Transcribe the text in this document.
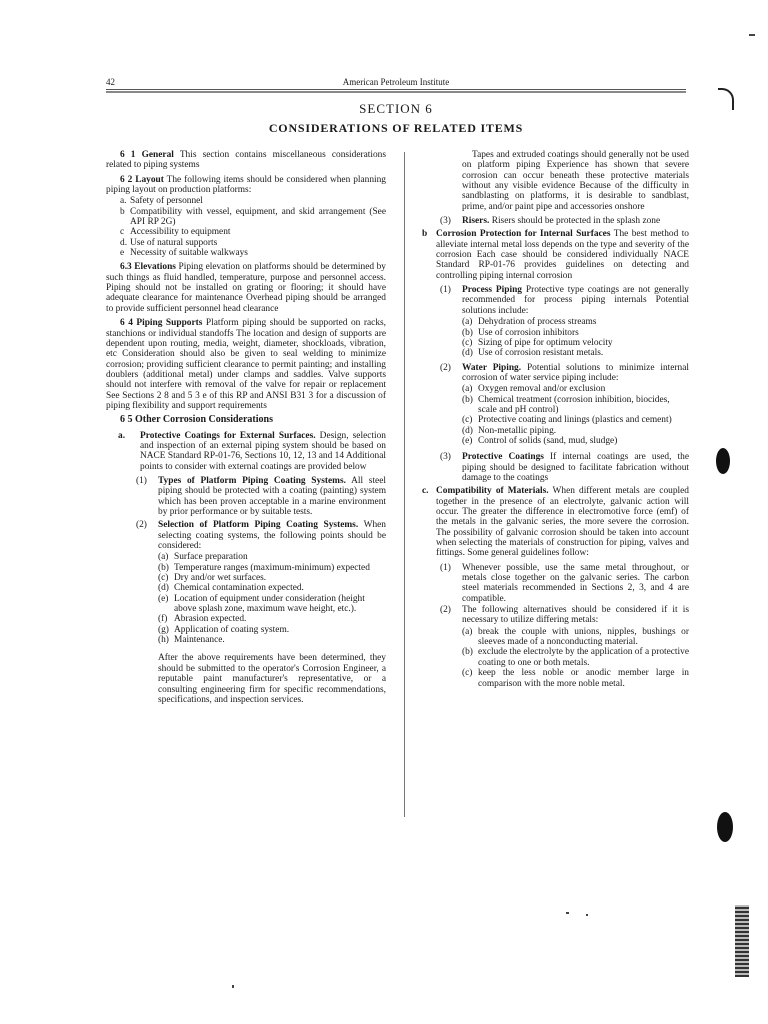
42	American Petroleum Institute
SECTION 6
CONSIDERATIONS OF RELATED ITEMS

6 1 General This section contains miscellaneous considerations related to piping systems

6 2 Layout The following items should be considered when planning piping layout on production platforms:

a. Safety of personnel
b Compatibility with vessel, equipment, and skid arrangement (See API RP 2G)
c Accessibility to equipment
d. Use of natural supports
e Necessity of suitable walkways

6.3 Elevations Piping elevation on platforms should be determined by such things as fluid handled, temperature, purpose and personnel access. Piping should not be installed on grating or flooring; it should have adequate clearance for maintenance Overhead piping should be arranged to provide sufficient personnel head clearance

6 4 Piping Supports Platform piping should be supported on racks, stanchions or individual standoffs The location and design of supports are dependent upon routing, media, weight, diameter, shockloads, vibration, etc Consideration should also be given to seal welding to minimize corrosion; providing sufficient clearance to permit painting; and installing doublers (additional metal) under clamps and saddles. Valve supports should not interfere with removal of the valve for repair or replacement See Sections 2 8 and 5 3 e of this RP and ANSI B31 3 for a discussion of piping flexibility and support requirements

6 5 Other Corrosion Considerations

a. Protective Coatings for External Surfaces. Design, selection and inspection of an external piping system should be based on NACE Standard RP-01-76, Sections 10, 12, 13 and 14 Additional points to consider with external coatings are provided below
(1) Types of Platform Piping Coating Systems. All steel piping should be protected with a coating (painting) system which has been proven acceptable in a marine environment by prior performance or by suitable tests.
(2) Selection of Platform Piping Coating Systems. When selecting coating systems, the following points should be considered:
(a) Surface preparation
(b) Temperature ranges (maximum-minimum) expected
(c) Dry and/or wet surfaces.
(d) Chemical contamination expected.
(e) Location of equipment under consideration (height above splash zone, maximum wave height, etc.).
(f) Abrasion expected.
(g) Application of coating system.
(h) Maintenance.

After the above requirements have been determined, they should be submitted to the operator's Corrosion Engineer, a reputable paint manufacturer's representative, or a consulting engineering firm for specific recommendations, specifications, and inspection services.

Tapes and extruded coatings should generally not be used on platform piping Experience has shown that severe corrosion can occur beneath these protective materials without any visible evidence Because of the difficulty in sandblasting on platforms, it is desirable to sandblast, prime, and/or paint pipe and accessories onshore

(3) Risers. Risers should be protected in the splash zone
b Corrosion Protection for Internal Surfaces The best method to alleviate internal metal loss depends on the type and severity of the corrosion Each case should be considered individually NACE Standard RP-01-76 provides guidelines on detecting and controlling piping internal corrosion
(1) Process Piping Protective type coatings are not generally recommended for process piping internals Potential solutions include:
(a) Dehydration of process streams
(b) Use of corrosion inhibitors
(c) Sizing of pipe for optimum velocity
(d) Use of corrosion resistant metals.
(2) Water Piping. Potential solutions to minimize internal corrosion of water service piping include:
(a) Oxygen removal and/or exclusion
(b) Chemical treatment (corrosion inhibition, biocides, scale and pH control)
(c) Protective coating and linings (plastics and cement)
(d) Non-metallic piping.
(e) Control of solids (sand, mud, sludge)
(3) Protective Coatings If internal coatings are used, the piping should be designed to facilitate fabrication without damage to the coatings
c. Compatibility of Materials. When different metals are coupled together in the presence of an electrolyte, galvanic action will occur. The greater the difference in electromotive force (emf) of the metals in the galvanic series, the more severe the corrosion. The possibility of galvanic corrosion should be taken into account when selecting the materials of construction for piping, valves and fittings. Some general guidelines follow:
(1) Whenever possible, use the same metal throughout, or metals close together on the galvanic series. The carbon steel materials recommended in Sections 2, 3, and 4 are compatible.
(2) The following alternatives should be considered if it is necessary to utilize differing metals:
(a) break the couple with unions, nipples, bushings or sleeves made of a nonconducting material.
(b) exclude the electrolyte by the application of a protective coating to one or both metals.
(c) keep the less noble or anodic member large in comparison with the more noble metal.
